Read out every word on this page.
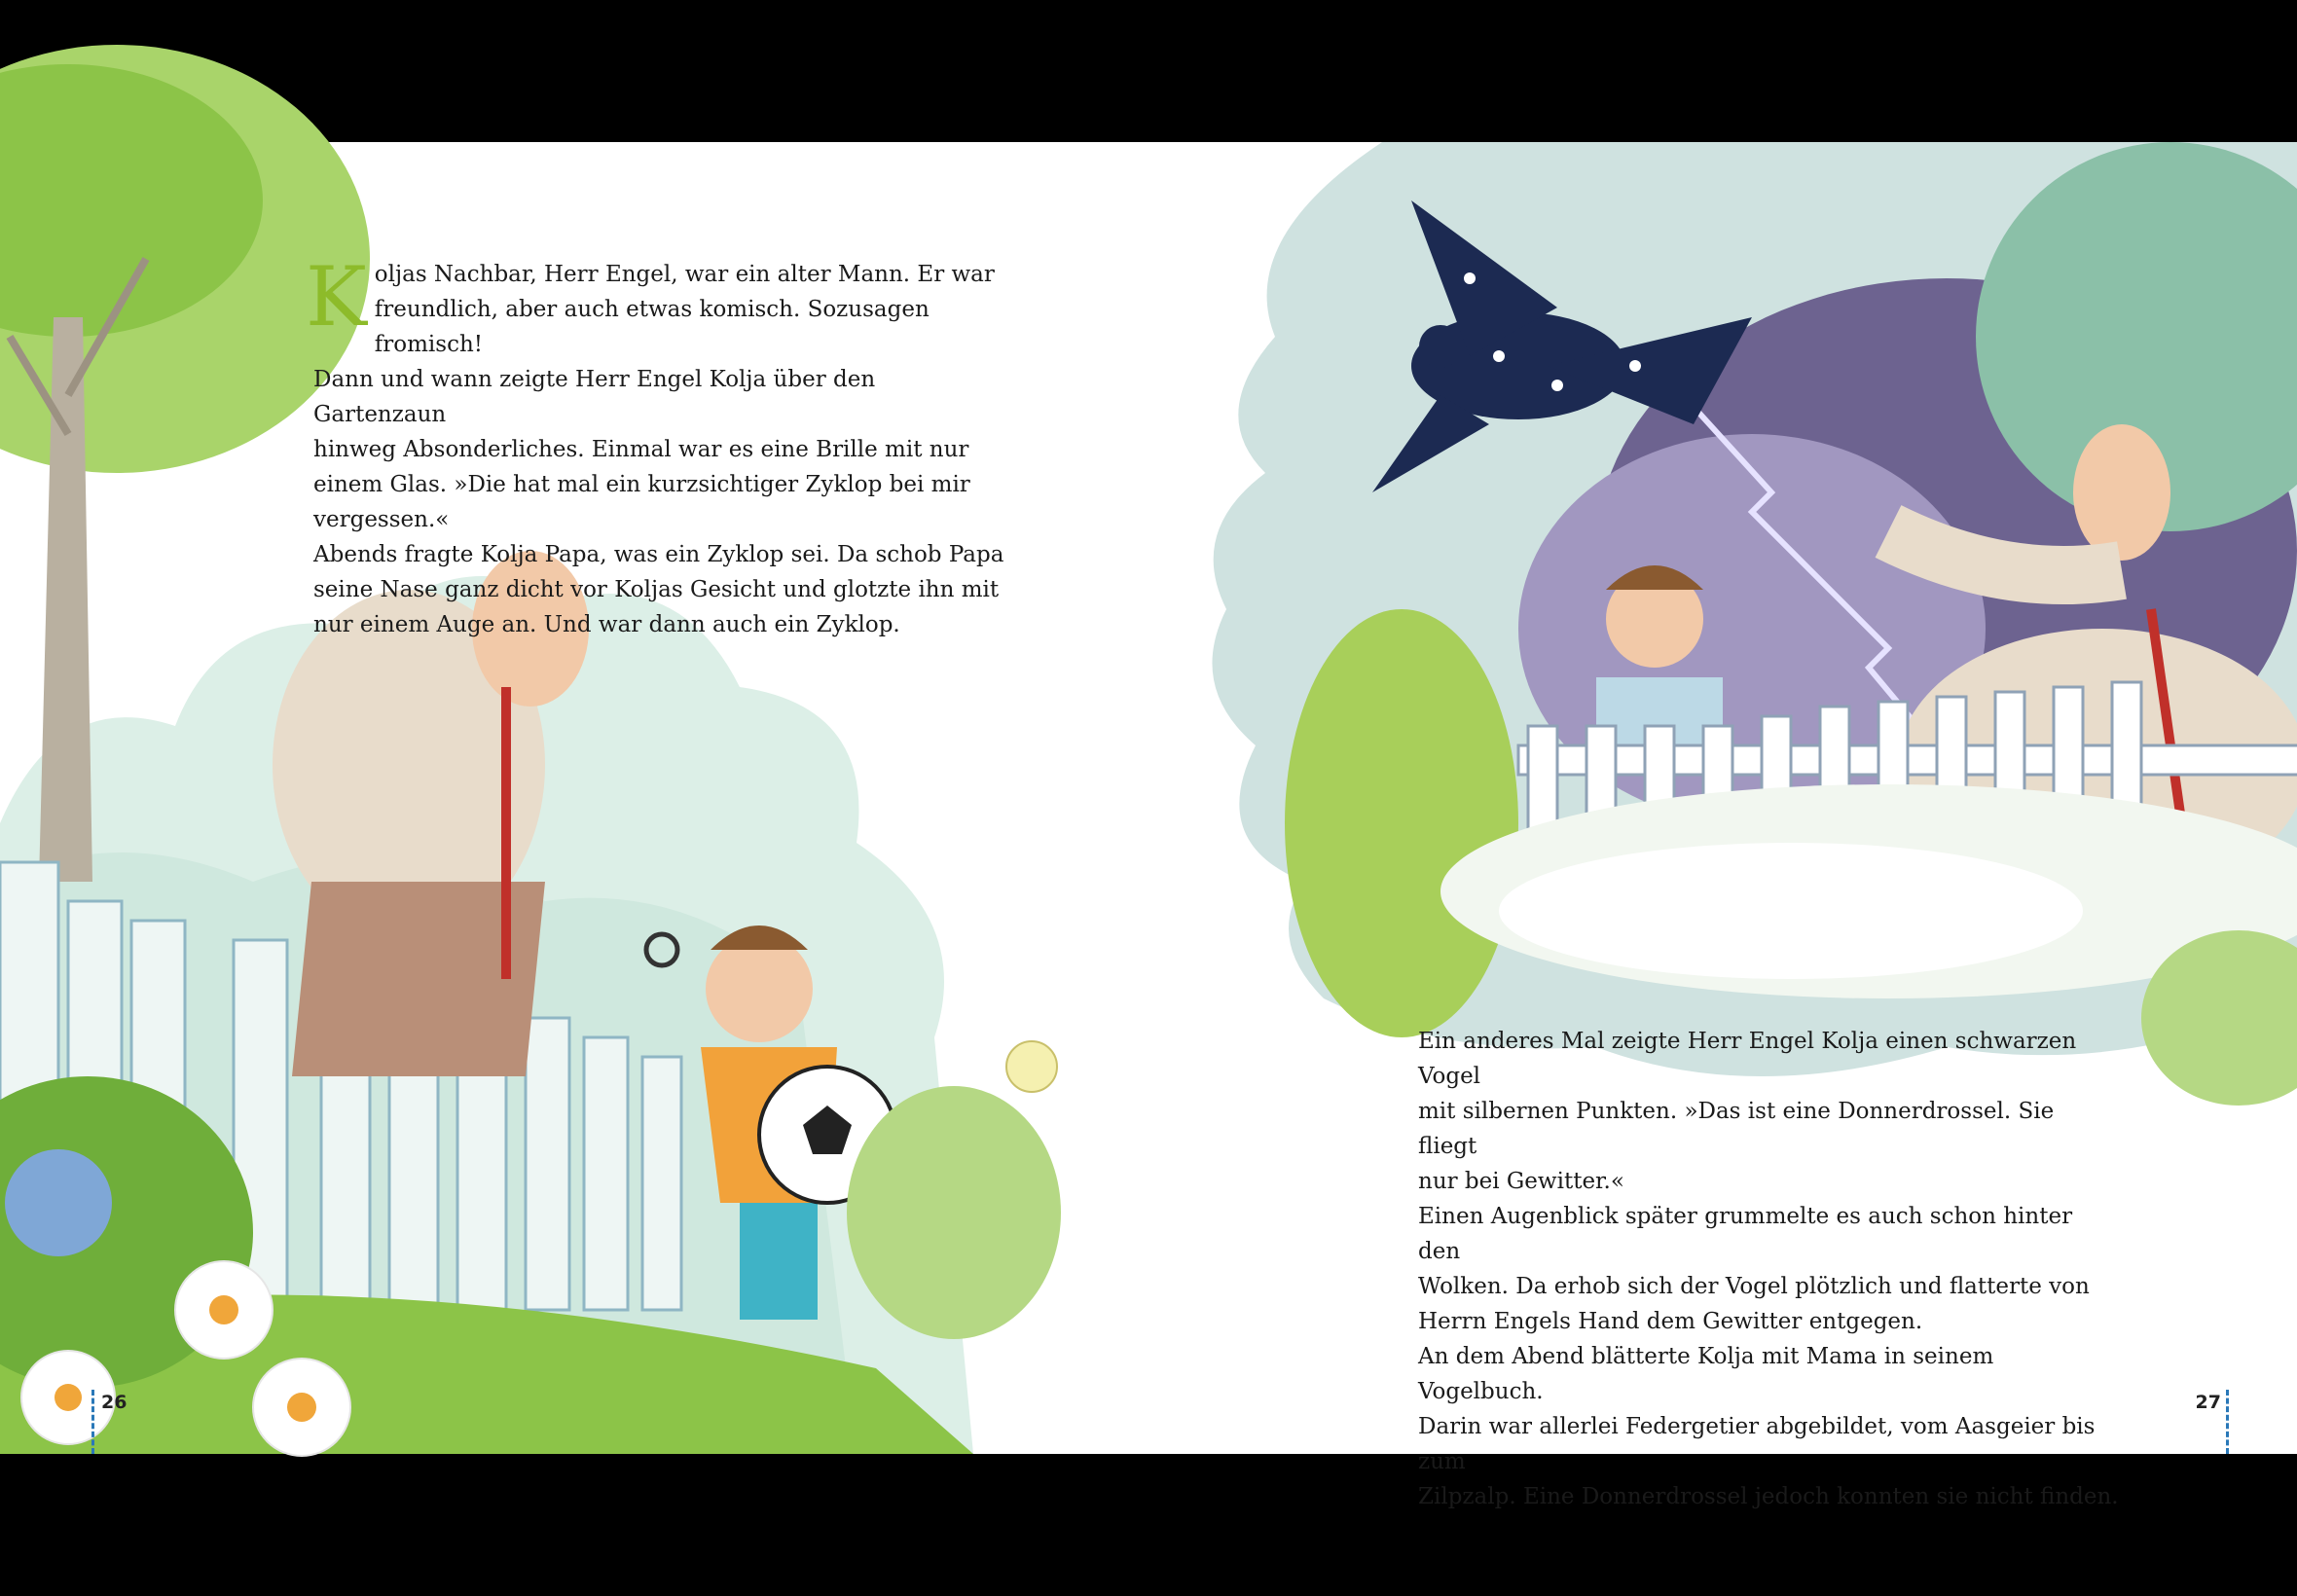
K oljas Nachbar, Herr Engel, war ein alter Mann. Er war
freundlich, aber auch etwas komisch. Sozusagen fromisch!
Dann und wann zeigte Herr Engel Kolja über den Gartenzaun
hinweg Absonderliches. Einmal war es eine Brille mit nur
einem Glas. »Die hat mal ein kurzsichtiger Zyklop bei mir
vergessen.«

Abends fragte Kolja Papa, was ein Zyklop sei. Da schob Papa
seine Nase ganz dicht vor Koljas Gesicht und glotzte ihn mit
nur einem Auge an. Und war dann auch ein Zyklop.

26

Ein anderes Mal zeigte Herr Engel Kolja einen schwarzen Vogel
mit silbernen Punkten. »Das ist eine Donnerdrossel. Sie fliegt
nur bei Gewitter.«

Einen Augenblick später grummelte es auch schon hinter den
Wolken. Da erhob sich der Vogel plötzlich und flatterte von
Herrn Engels Hand dem Gewitter entgegen.

An dem Abend blätterte Kolja mit Mama in seinem Vogelbuch.
Darin war allerlei Federgetier abgebildet, vom Aasgeier bis zum
Zilpzalp. Eine Donnerdrossel jedoch konnten sie nicht finden.

27
